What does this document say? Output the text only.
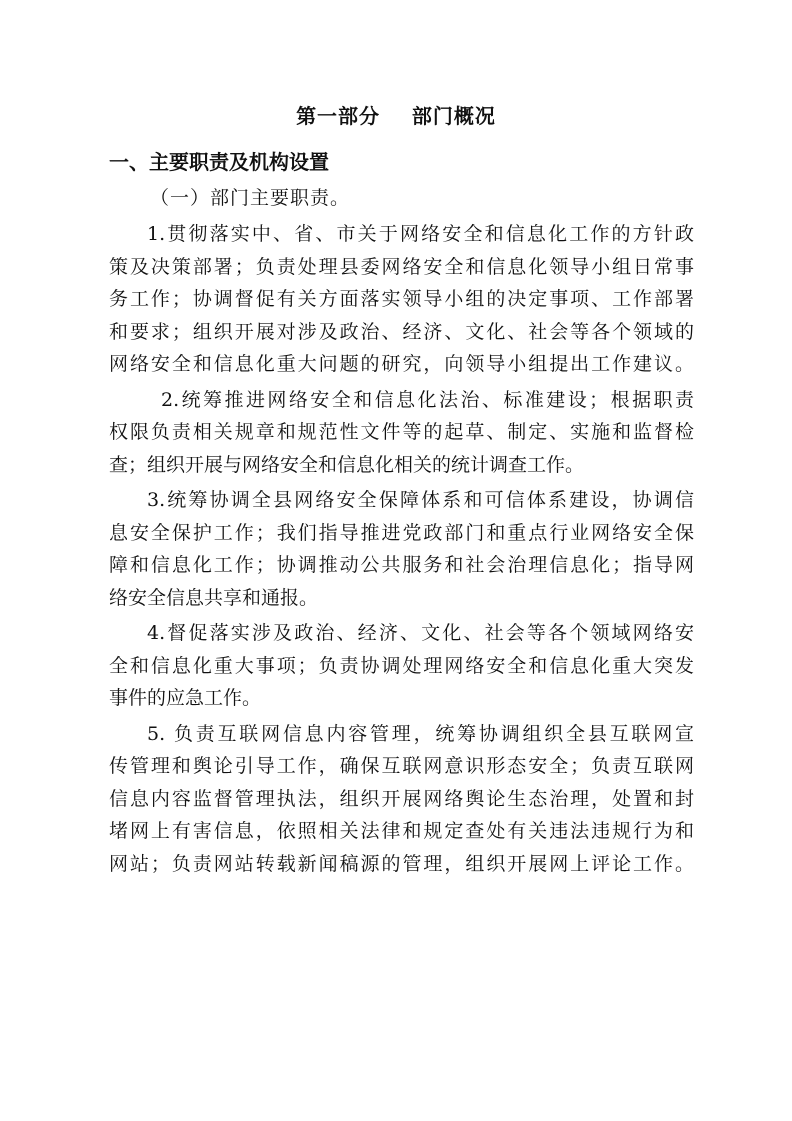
第一部分    部门概况
一、主要职责及机构设置
（一）部门主要职责。
1.贯彻落实中、省、市关于网络安全和信息化工作的方针政
策及决策部署；负责处理县委网络安全和信息化领导小组日常事
务工作；协调督促有关方面落实领导小组的决定事项、工作部署
和要求；组织开展对涉及政治、经济、文化、社会等各个领域的
网络安全和信息化重大问题的研究，向领导小组提出工作建议。
2.统筹推进网络安全和信息化法治、标准建设；根据职责
权限负责相关规章和规范性文件等的起草、制定、实施和监督检
查；组织开展与网络安全和信息化相关的统计调查工作。
3.统筹协调全县网络安全保障体系和可信体系建设，协调信
息安全保护工作；我们指导推进党政部门和重点行业网络安全保
障和信息化工作；协调推动公共服务和社会治理信息化；指导网
络安全信息共享和通报。
4.督促落实涉及政治、经济、文化、社会等各个领域网络安
全和信息化重大事项；负责协调处理网络安全和信息化重大突发
事件的应急工作。
5. 负责互联网信息内容管理，统筹协调组织全县互联网宣
传管理和舆论引导工作，确保互联网意识形态安全；负责互联网
信息内容监督管理执法，组织开展网络舆论生态治理，处置和封
堵网上有害信息，依照相关法律和规定查处有关违法违规行为和
网站；负责网站转载新闻稿源的管理，组织开展网上评论工作。
